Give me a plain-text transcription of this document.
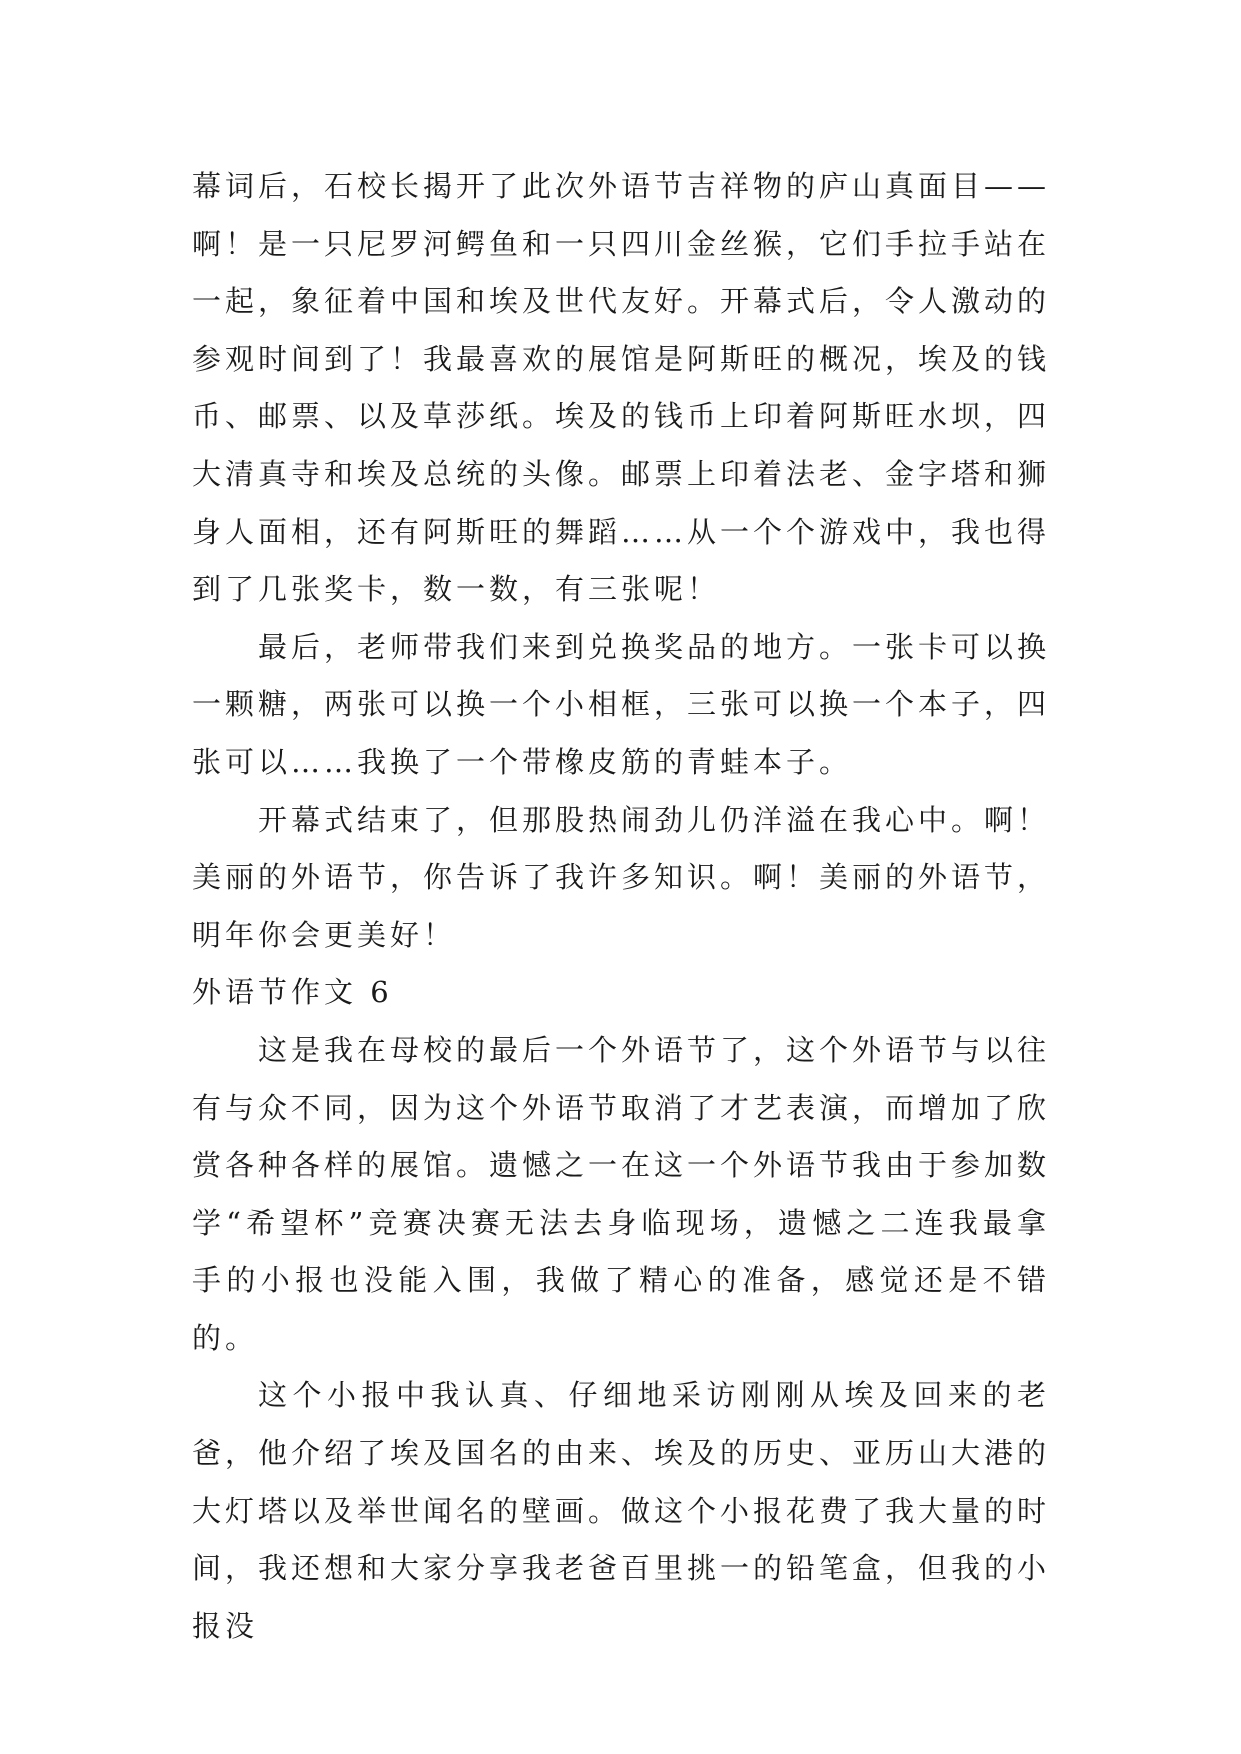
幕词后，石校长揭开了此次外语节吉祥物的庐山真面目——啊！是一只尼罗河鳄鱼和一只四川金丝猴，它们手拉手站在一起，象征着中国和埃及世代友好。开幕式后，令人激动的参观时间到了！我最喜欢的展馆是阿斯旺的概况，埃及的钱币、邮票、以及草莎纸。埃及的钱币上印着阿斯旺水坝，四大清真寺和埃及总统的头像。邮票上印着法老、金字塔和狮身人面相，还有阿斯旺的舞蹈……从一个个游戏中，我也得到了几张奖卡，数一数，有三张呢！

最后，老师带我们来到兑换奖品的地方。一张卡可以换一颗糖，两张可以换一个小相框，三张可以换一个本子，四张可以……我换了一个带橡皮筋的青蛙本子。

开幕式结束了，但那股热闹劲儿仍洋溢在我心中。啊！美丽的外语节，你告诉了我许多知识。啊！美丽的外语节，明年你会更美好！

外语节作文 6

这是我在母校的最后一个外语节了，这个外语节与以往有与众不同，因为这个外语节取消了才艺表演，而增加了欣赏各种各样的展馆。遗憾之一在这一个外语节我由于参加数学“希望杯”竞赛决赛无法去身临现场，遗憾之二连我最拿手的小报也没能入围，我做了精心的准备，感觉还是不错的。

这个小报中我认真、仔细地采访刚刚从埃及回来的老爸，他介绍了埃及国名的由来、埃及的历史、亚历山大港的大灯塔以及举世闻名的壁画。做这个小报花费了我大量的时间，我还想和大家分享我老爸百里挑一的铅笔盒，但我的小报没
